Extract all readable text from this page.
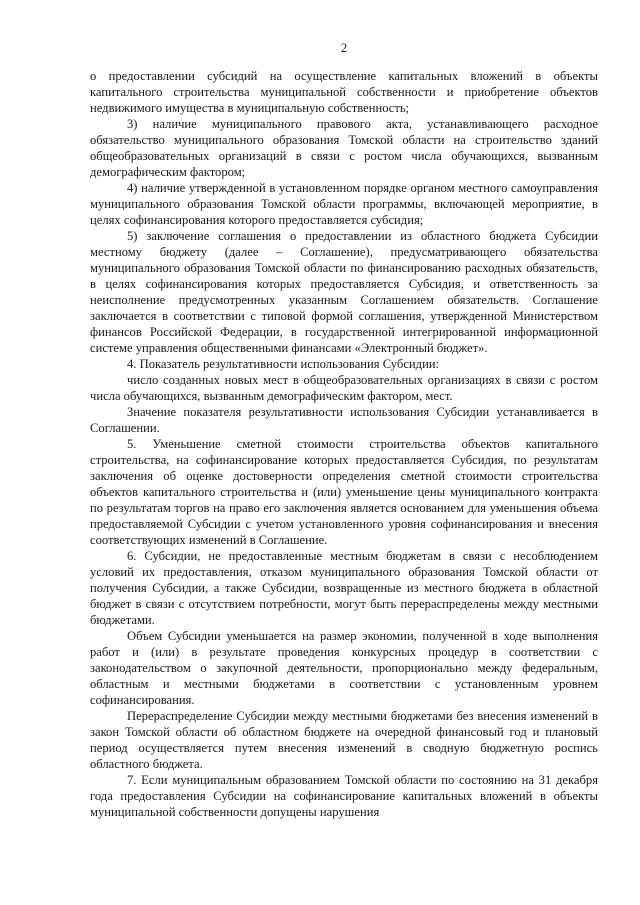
2

о предоставлении субсидий на осуществление капитальных вложений в объекты капитального строительства муниципальной собственности и приобретение объектов недвижимого имущества в муниципальную собственность;

3) наличие муниципального правового акта, устанавливающего расходное обязательство муниципального образования Томской области на строительство зданий общеобразовательных организаций в связи с ростом числа обучающихся, вызванным демографическим фактором;

4) наличие утвержденной в установленном порядке органом местного самоуправления муниципального образования Томской области программы, включающей мероприятие, в целях софинансирования которого предоставляется субсидия;

5) заключение соглашения о предоставлении из областного бюджета Субсидии местному бюджету (далее – Соглашение), предусматривающего обязательства муниципального образования Томской области по финансированию расходных обязательств, в целях софинансирования которых предоставляется Субсидия, и ответственность за неисполнение предусмотренных указанным Соглашением обязательств. Соглашение заключается в соответствии с типовой формой соглашения, утвержденной Министерством финансов Российской Федерации, в государственной интегрированной информационной системе управления общественными финансами «Электронный бюджет».

4. Показатель результативности использования Субсидии:

число созданных новых мест в общеобразовательных организациях в связи с ростом числа обучающихся, вызванным демографическим фактором, мест.

Значение показателя результативности использования Субсидии устанавливается в Соглашении.

5. Уменьшение сметной стоимости строительства объектов капитального строительства, на софинансирование которых предоставляется Субсидия, по результатам заключения об оценке достоверности определения сметной стоимости строительства объектов капитального строительства и (или) уменьшение цены муниципального контракта по результатам торгов на право его заключения является основанием для уменьшения объема предоставляемой Субсидии с учетом установленного уровня софинансирования и внесения соответствующих изменений в Соглашение.

6. Субсидии, не предоставленные местным бюджетам в связи с несоблюдением условий их предоставления, отказом муниципального образования Томской области от получения Субсидии, а также Субсидии, возвращенные из местного бюджета в областной бюджет в связи с отсутствием потребности, могут быть перераспределены между местными бюджетами.

Объем Субсидии уменьшается на размер экономии, полученной в ходе выполнения работ и (или) в результате проведения конкурсных процедур в соответствии с законодательством о закупочной деятельности, пропорционально между федеральным, областным и местными бюджетами в соответствии с установленным уровнем софинансирования.

Перераспределение Субсидии между местными бюджетами без внесения изменений в закон Томской области об областном бюджете на очередной финансовый год и плановый период осуществляется путем внесения изменений в сводную бюджетную роспись областного бюджета.

7. Если муниципальным образованием Томской области по состоянию на 31 декабря года предоставления Субсидии на софинансирование капитальных вложений в объекты муниципальной собственности допущены нарушения
